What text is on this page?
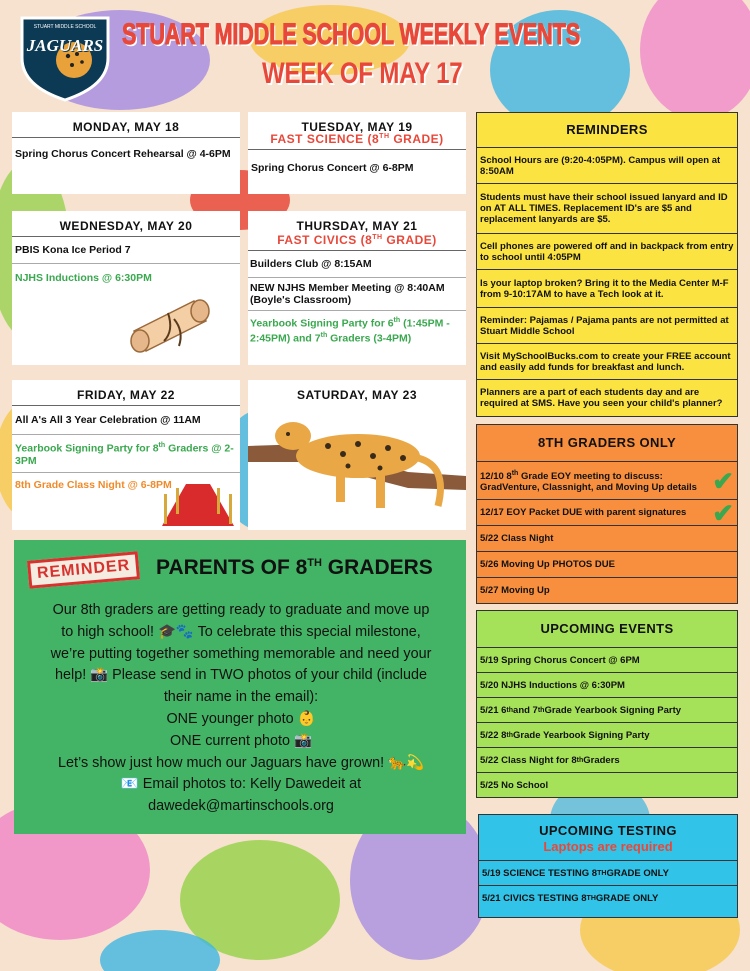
JAGUARS
STUART MIDDLE SCHOOL STUART MIDDLE SCHOOL WEEKLY EVENTS
WEEK OF MAY 17
MONDAY, MAY 18
Spring Chorus Concert Rehearsal @ 4-6PM
TUESDAY, MAY 19
FAST SCIENCE (8TH GRADE)
Spring Chorus Concert @ 6-8PM
WEDNESDAY, MAY 20
PBIS Kona Ice Period 7
NJHS Inductions @ 6:30PM
THURSDAY, MAY 21
FAST CIVICS (8TH GRADE)
Builders Club @ 8:15AM
NEW NJHS Member Meeting @ 8:40AM (Boyle's Classroom)
Yearbook Signing Party for 6th (1:45PM - 2:45PM) and 7th Graders (3-4PM)
FRIDAY, MAY 22
All A's All 3 Year Celebration @ 11AM
Yearbook Signing Party for 8th Graders @ 2-3PM
8th Grade Class Night @ 6-8PM
SATURDAY, MAY 23
REMINDERS
School Hours are (9:20-4:05PM). Campus will open at 8:50AM
Students must have their school issued lanyard and ID on AT ALL TIMES. Replacement ID's are $5 and replacement lanyards are $5.
Cell phones are powered off and in backpack from entry to school until 4:05PM
Is your laptop broken? Bring it to the Media Center M-F from 9-10:17AM to have a Tech look at it.
Reminder: Pajamas / Pajama pants are not permitted at Stuart Middle School
Visit MySchoolBucks.com to create your FREE account and easily add funds for breakfast and lunch.
Planners are a part of each students day and are required at SMS. Have you seen your child's planner?
8TH GRADERS ONLY
12/10 8th Grade EOY meeting to discuss: GradVenture, Classnight, and Moving Up details ✔
12/17 EOY Packet DUE with parent signatures ✔
5/22 Class Night
5/26 Moving Up PHOTOS DUE
5/27 Moving Up
UPCOMING EVENTS
5/19 Spring Chorus Concert @ 6PM
5/20 NJHS Inductions @ 6:30PM
5/21 6 th and 7 th Grade Yearbook Signing Party
5/22 8 th Grade Yearbook Signing Party
5/22 Class Night for 8 th Graders
5/25 No School
UPCOMING TESTING
Laptops are required
5/19 SCIENCE TESTING 8 TH GRADE ONLY
5/21 CIVICS TESTING 8 TH GRADE ONLY
REMINDER	PARENTS OF 8TH GRADERS
Our 8th graders are getting ready to graduate and move up
to high school! 🎓🐾 To celebrate this special milestone,
we’re putting together something memorable and need your
help! 📸 Please send in TWO photos of your child (include
their name in the email):
ONE younger photo 👶
ONE current photo 📸
Let’s show just how much our Jaguars have grown! 🐆💫
📧 Email photos to: Kelly Dawedeit at
dawedek@martinschools.org
